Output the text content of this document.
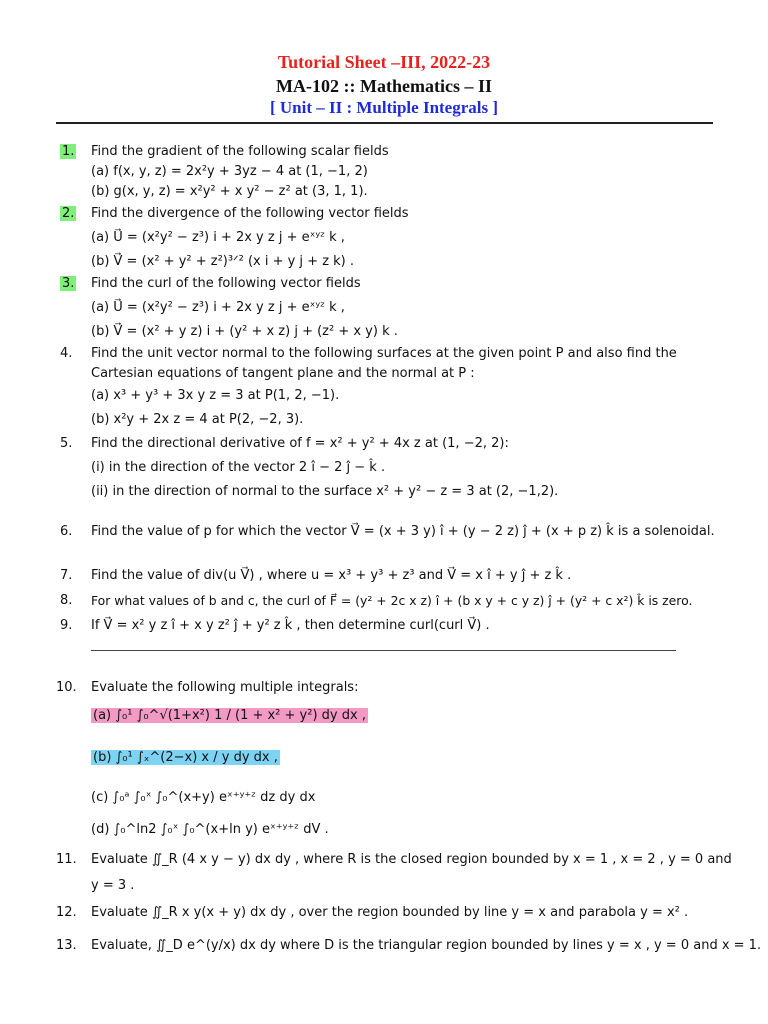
Tutorial Sheet –III, 2022-23
MA-102 :: Mathematics – II
[ Unit – II : Multiple Integrals ]
1. Find the gradient of the following scalar fields
(a) f(x, y, z) = 2x²y + 3yz − 4 at (1, −1, 2)
(b) g(x, y, z) = x²y² + x y² − z² at (3, 1, 1).
2. Find the divergence of the following vector fields
(a) U⃗ = (x²y² − z³) i + 2x y z j + eˣʸᶻ k ,
(b) V⃗ = (x² + y² + z²)³ᐟ² (x i + y j + z k) .
3. Find the curl of the following vector fields
(a) U⃗ = (x²y² − z³) i + 2x y z j + eˣʸᶻ k ,
(b) V⃗ = (x² + y z) i + (y² + x z) j + (z² + x y) k .
4. Find the unit vector normal to the following surfaces at the given point P and also find the
Cartesian equations of tangent plane and the normal at P :
(a) x³ + y³ + 3x y z = 3 at P(1, 2, −1).
(b) x²y + 2x z = 4 at P(2, −2, 3).
5. Find the directional derivative of f = x² + y² + 4x z at (1, −2, 2):
(i) in the direction of the vector 2 î − 2 ĵ − k̂ .
(ii) in the direction of normal to the surface x² + y² − z = 3 at (2, −1,2).
6. Find the value of p for which the vector V⃗ = (x + 3 y) î + (y − 2 z) ĵ + (x + p z) k̂ is a solenoidal.
7. Find the value of div(u V⃗) , where u = x³ + y³ + z³ and V⃗ = x î + y ĵ + z k̂ .
8. For what values of b and c, the curl of F⃗ = (y² + 2c x z) î + (b x y + c y z) ĵ + (y² + c x²) k̂ is zero.
9. If V⃗ = x² y z î + x y z² ĵ + y² z k̂ , then determine curl(curl V⃗) .
10. Evaluate the following multiple integrals:
(a) ∫₀¹ ∫₀^√(1+x²) 1 / (1 + x² + y²) dy dx ,
(b) ∫₀¹ ∫ₓ^(2−x) x / y dy dx ,
(c) ∫₀ᵃ ∫₀ˣ ∫₀^(x+y) eˣ⁺ʸ⁺ᶻ dz dy dx
(d) ∫₀^ln2 ∫₀ˣ ∫₀^(x+ln y) eˣ⁺ʸ⁺ᶻ dV .
11. Evaluate ∬_R (4 x y − y) dx dy , where R is the closed region bounded by x = 1 , x = 2 , y = 0 and
y = 3 .
12. Evaluate ∬_R x y(x + y) dx dy , over the region bounded by line y = x and parabola y = x² .
13. Evaluate, ∬_D e^(y/x) dx dy where D is the triangular region bounded by lines y = x , y = 0 and x = 1.
